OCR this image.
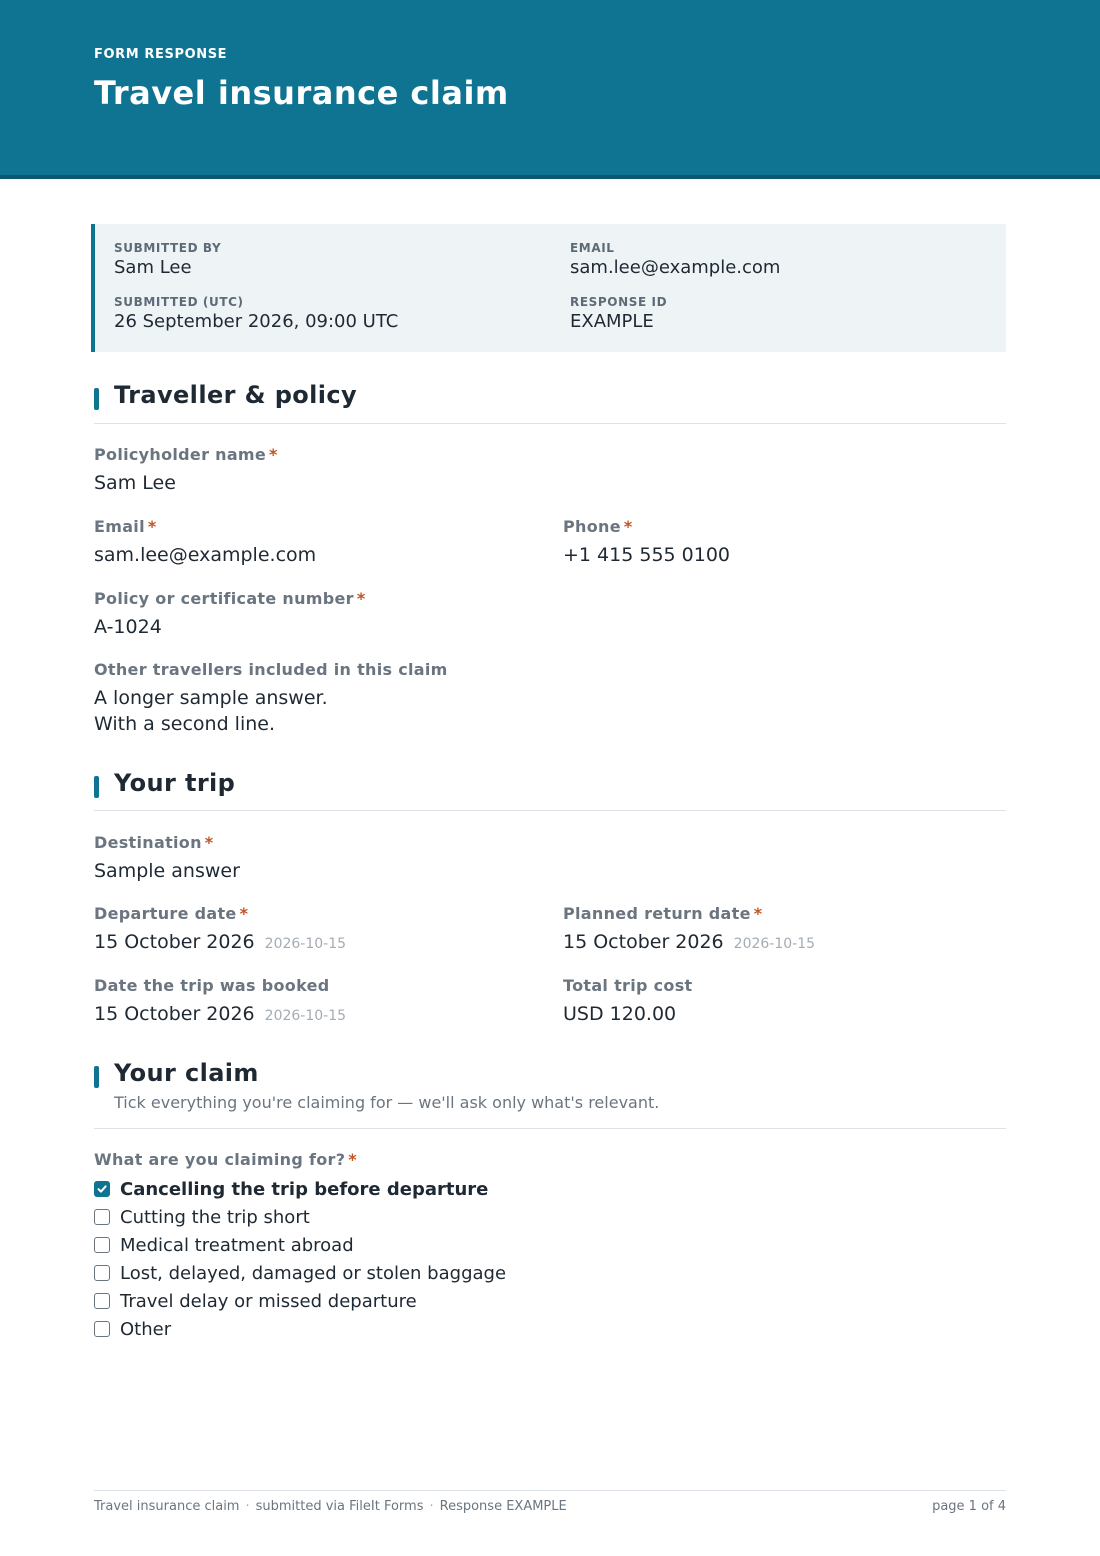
FORM RESPONSE
Travel insurance claim
SUBMITTED BY
Sam Lee
EMAIL
sam.lee@example.com
SUBMITTED (UTC)
26 September 2026, 09:00 UTC
RESPONSE ID
EXAMPLE
Traveller & policy
Policyholder name *
Sam Lee
Email *
sam.lee@example.com
Phone *
+1 415 555 0100
Policy or certificate number *
A-1024
Other travellers included in this claim
A longer sample answer.
With a second line.
Your trip
Destination *
Sample answer
Departure date *
15 October 2026 2026-10-15
Planned return date *
15 October 2026 2026-10-15
Date the trip was booked
15 October 2026 2026-10-15
Total trip cost
USD 120.00
Your claim
Tick everything you're claiming for — we'll ask only what's relevant.
What are you claiming for? *
Cancelling the trip before departure
Cutting the trip short
Medical treatment abroad
Lost, delayed, damaged or stolen baggage
Travel delay or missed departure
Other
Travel insurance claim · submitted via FileIt Forms · Response EXAMPLE	page 1 of 4
